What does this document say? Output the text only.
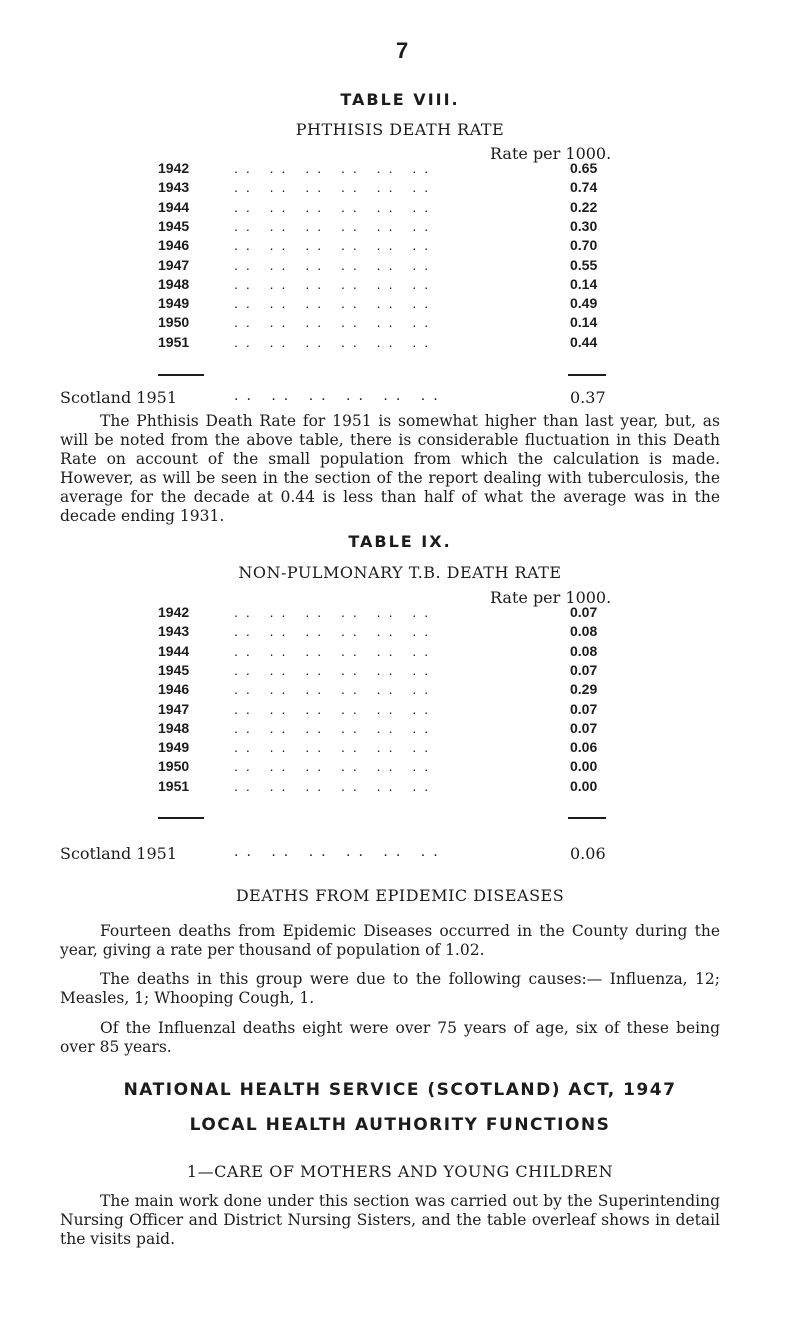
7
TABLE VIII.
PHTHISIS DEATH RATE
Rate per 1000.
1942	.. .. .. .. .. ..	0.65
1943	.. .. .. .. .. ..	0.74
1944	.. .. .. .. .. ..	0.22
1945	.. .. .. .. .. ..	0.30
1946	.. .. .. .. .. ..	0.70
1947	.. .. .. .. .. ..	0.55
1948	.. .. .. .. .. ..	0.14
1949	.. .. .. .. .. ..	0.49
1950	.. .. .. .. .. ..	0.14
1951	.. .. .. .. .. ..	0.44
Scotland 1951	.. .. .. .. .. ..	0.37
The Phthisis Death Rate for 1951 is somewhat higher than last year, but, as will be noted from the above table, there is considerable fluctuation in this Death Rate on account of the small population from which the calculation is made. However, as will be seen in the section of the report dealing with tuberculosis, the average for the decade at 0.44 is less than half of what the average was in the decade ending 1931.
TABLE IX.
NON-PULMONARY T.B. DEATH RATE
Rate per 1000.
1942	.. .. .. .. .. ..	0.07
1943	.. .. .. .. .. ..	0.08
1944	.. .. .. .. .. ..	0.08
1945	.. .. .. .. .. ..	0.07
1946	.. .. .. .. .. ..	0.29
1947	.. .. .. .. .. ..	0.07
1948	.. .. .. .. .. ..	0.07
1949	.. .. .. .. .. ..	0.06
1950	.. .. .. .. .. ..	0.00
1951	.. .. .. .. .. ..	0.00
Scotland 1951	.. .. .. .. .. ..	0.06
DEATHS FROM EPIDEMIC DISEASES
Fourteen deaths from Epidemic Diseases occurred in the County during the year, giving a rate per thousand of population of 1.02.
The deaths in this group were due to the following causes:— Influenza, 12; Measles, 1; Whooping Cough, 1.
Of the Influenzal deaths eight were over 75 years of age, six of these being over 85 years.
NATIONAL HEALTH SERVICE (SCOTLAND) ACT, 1947
LOCAL HEALTH AUTHORITY FUNCTIONS
1—CARE OF MOTHERS AND YOUNG CHILDREN
The main work done under this section was carried out by the Superintending Nursing Officer and District Nursing Sisters, and the table overleaf shows in detail the visits paid.
